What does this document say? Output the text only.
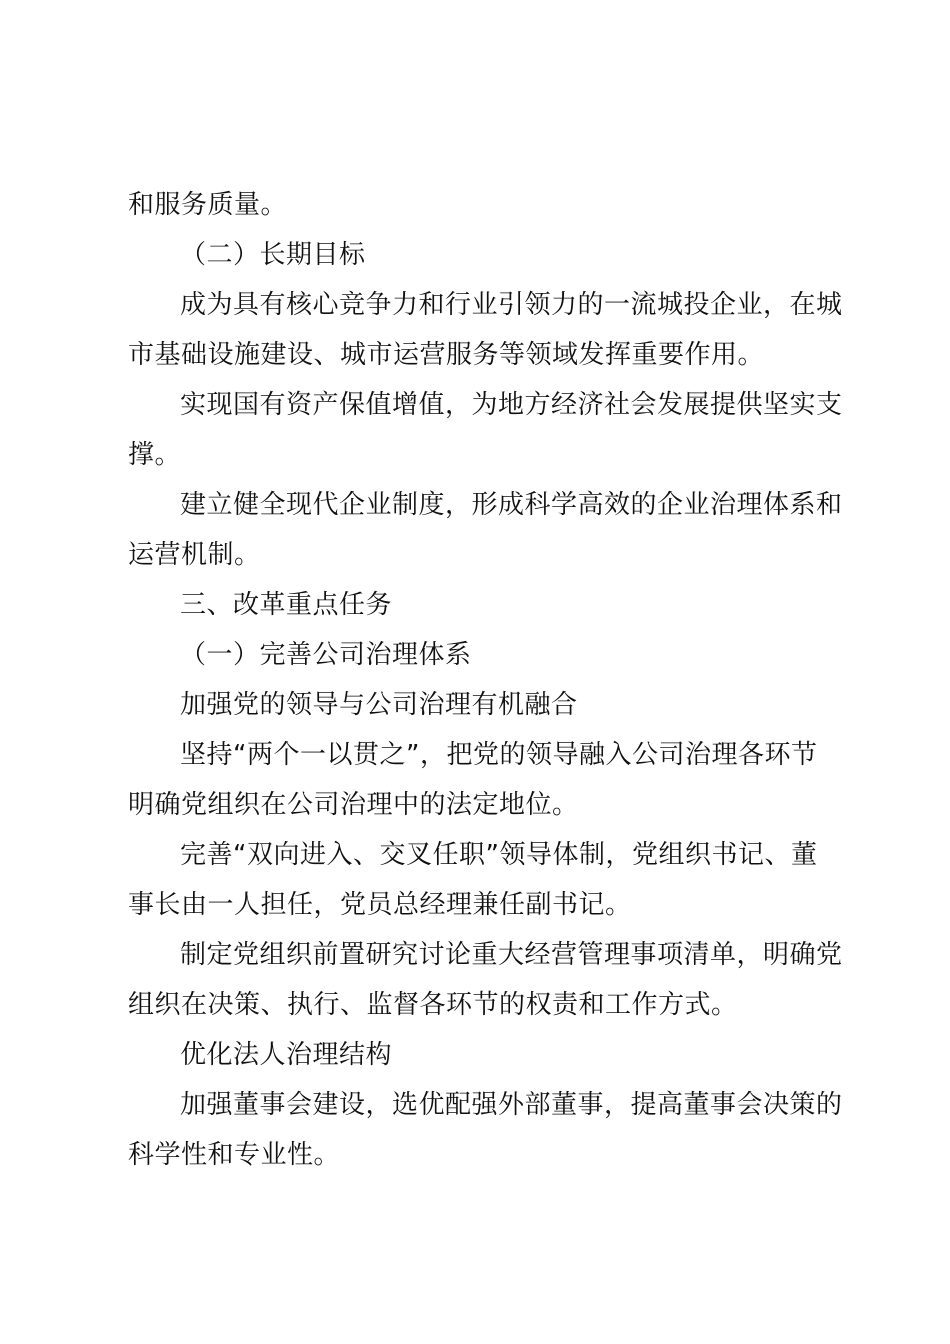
和服务质量。
（二）长期目标
成为具有核心竞争力和行业引领力的一流城投企业，在城
市基础设施建设、城市运营服务等领域发挥重要作用。
实现国有资产保值增值，为地方经济社会发展提供坚实支
撑。
建立健全现代企业制度，形成科学高效的企业治理体系和
运营机制。
三、改革重点任务
（一）完善公司治理体系
加强党的领导与公司治理有机融合
坚持“两个一以贯之”，把党的领导融入公司治理各环节
明确党组织在公司治理中的法定地位。
完善“双向进入、交叉任职”领导体制，党组织书记、董
事长由一人担任，党员总经理兼任副书记。
制定党组织前置研究讨论重大经营管理事项清单，明确党
组织在决策、执行、监督各环节的权责和工作方式。
优化法人治理结构
加强董事会建设，选优配强外部董事，提高董事会决策的
科学性和专业性。
